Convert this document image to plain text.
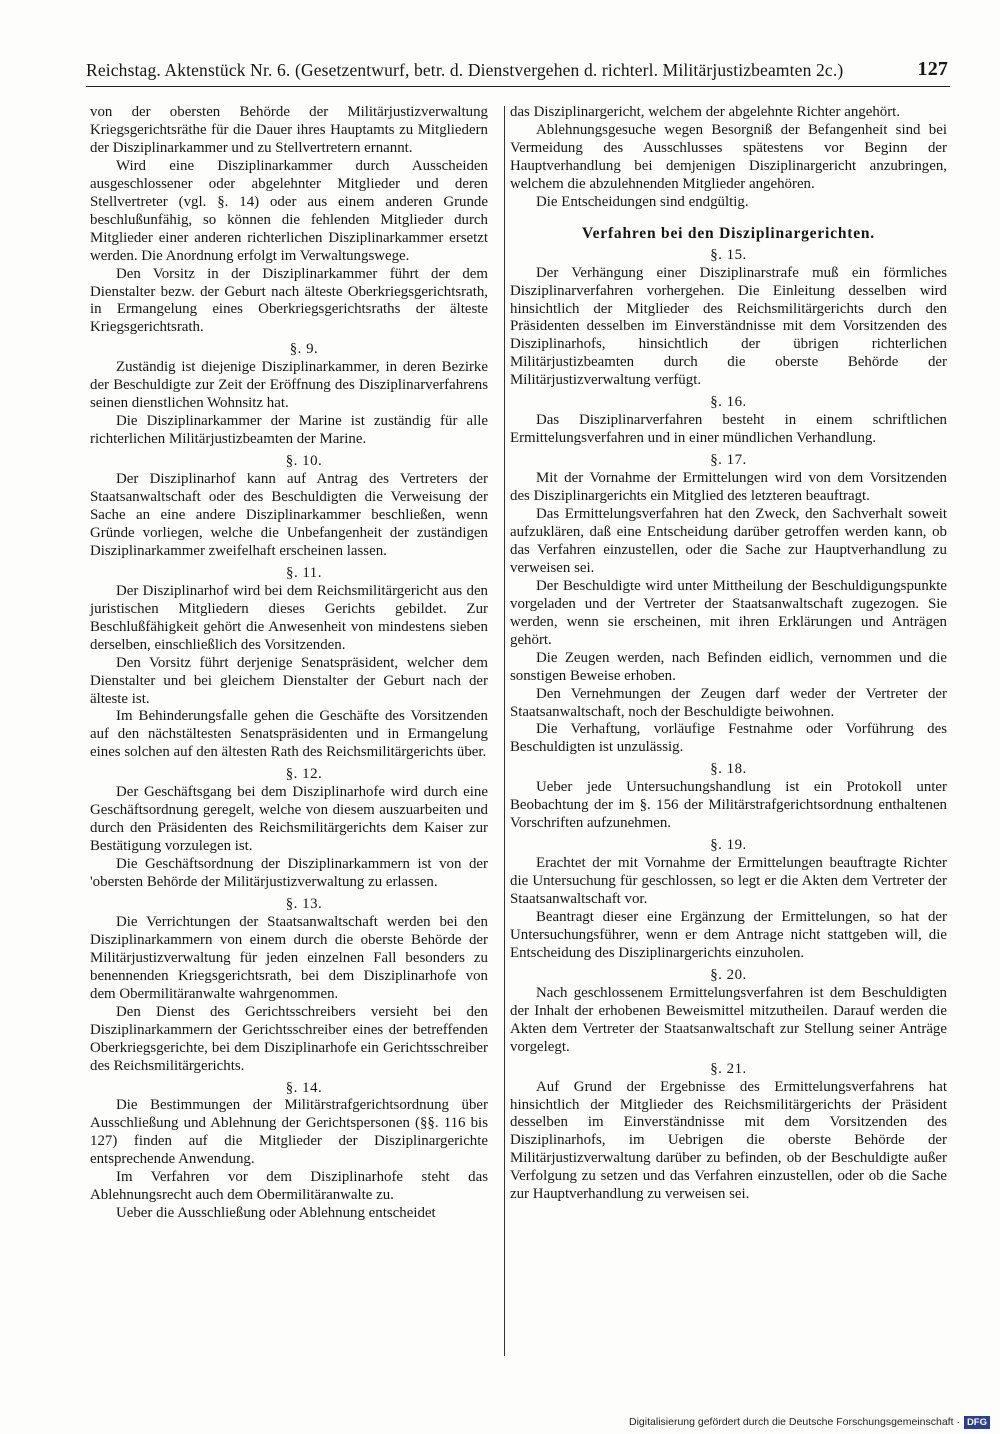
Reichstag. Aktenstück Nr. 6. (Gesetzentwurf, betr. d. Dienstvergehen d. richterl. Militärjustizbeamten 2c.)	127

von der obersten Behörde der Militärjustizverwaltung Kriegsgerichtsräthe für die Dauer ihres Hauptamts zu Mitgliedern der Disziplinarkammer und zu Stellvertretern ernannt.

Wird eine Disziplinarkammer durch Ausscheiden ausgeschlossener oder abgelehnter Mitglieder und deren Stellvertreter (vgl. §. 14) oder aus einem anderen Grunde beschlußunfähig, so können die fehlenden Mitglieder durch Mitglieder einer anderen richterlichen Disziplinarkammer ersetzt werden. Die Anordnung erfolgt im Verwaltungswege.

Den Vorsitz in der Disziplinarkammer führt der dem Dienstalter bezw. der Geburt nach älteste Oberkriegsgerichtsrath, in Ermangelung eines Oberkriegsgerichtsraths der älteste Kriegsgerichtsrath.

§. 9.

Zuständig ist diejenige Disziplinarkammer, in deren Bezirke der Beschuldigte zur Zeit der Eröffnung des Disziplinarverfahrens seinen dienstlichen Wohnsitz hat.

Die Disziplinarkammer der Marine ist zuständig für alle richterlichen Militärjustizbeamten der Marine.

§. 10.

Der Disziplinarhof kann auf Antrag des Vertreters der Staatsanwaltschaft oder des Beschuldigten die Verweisung der Sache an eine andere Disziplinarkammer beschließen, wenn Gründe vorliegen, welche die Unbefangenheit der zuständigen Disziplinarkammer zweifelhaft erscheinen lassen.

§. 11.

Der Disziplinarhof wird bei dem Reichsmilitärgericht aus den juristischen Mitgliedern dieses Gerichts gebildet. Zur Beschlußfähigkeit gehört die Anwesenheit von mindestens sieben derselben, einschließlich des Vorsitzenden.

Den Vorsitz führt derjenige Senatspräsident, welcher dem Dienstalter und bei gleichem Dienstalter der Geburt nach der älteste ist.

Im Behinderungsfalle gehen die Geschäfte des Vorsitzenden auf den nächstältesten Senatspräsidenten und in Ermangelung eines solchen auf den ältesten Rath des Reichsmilitärgerichts über.

§. 12.

Der Geschäftsgang bei dem Disziplinarhofe wird durch eine Geschäftsordnung geregelt, welche von diesem auszuarbeiten und durch den Präsidenten des Reichsmilitärgerichts dem Kaiser zur Bestätigung vorzulegen ist.

Die Geschäftsordnung der Disziplinarkammern ist von der 'obersten Behörde der Militärjustizverwaltung zu erlassen.

§. 13.

Die Verrichtungen der Staatsanwaltschaft werden bei den Disziplinarkammern von einem durch die oberste Behörde der Militärjustizverwaltung für jeden einzelnen Fall besonders zu benennenden Kriegsgerichtsrath, bei dem Disziplinarhofe von dem Obermilitäranwalte wahrgenommen.

Den Dienst des Gerichtsschreibers versieht bei den Disziplinarkammern der Gerichtsschreiber eines der betreffenden Oberkriegsgerichte, bei dem Disziplinarhofe ein Gerichtsschreiber des Reichsmilitärgerichts.

§. 14.

Die Bestimmungen der Militärstrafgerichtsordnung über Ausschließung und Ablehnung der Gerichtspersonen (§§. 116 bis 127) finden auf die Mitglieder der Disziplinargerichte entsprechende Anwendung.

Im Verfahren vor dem Disziplinarhofe steht das Ablehnungsrecht auch dem Obermilitäranwalte zu.

Ueber die Ausschließung oder Ablehnung entscheidet

das Disziplinargericht, welchem der abgelehnte Richter angehört.

Ablehnungsgesuche wegen Besorgniß der Befangenheit sind bei Vermeidung des Ausschlusses spätestens vor Beginn der Hauptverhandlung bei demjenigen Disziplinargericht anzubringen, welchem die abzulehnenden Mitglieder angehören.

Die Entscheidungen sind endgültig.

Verfahren bei den Disziplinargerichten.
§. 15.

Der Verhängung einer Disziplinarstrafe muß ein förmliches Disziplinarverfahren vorhergehen. Die Einleitung desselben wird hinsichtlich der Mitglieder des Reichsmilitärgerichts durch den Präsidenten desselben im Einverständnisse mit dem Vorsitzenden des Disziplinarhofs, hinsichtlich der übrigen richterlichen Militärjustizbeamten durch die oberste Behörde der Militärjustizverwaltung verfügt.

§. 16.

Das Disziplinarverfahren besteht in einem schriftlichen Ermittelungsverfahren und in einer mündlichen Verhandlung.

§. 17.

Mit der Vornahme der Ermittelungen wird von dem Vorsitzenden des Disziplinargerichts ein Mitglied des letzteren beauftragt.

Das Ermittelungsverfahren hat den Zweck, den Sachverhalt soweit aufzuklären, daß eine Entscheidung darüber getroffen werden kann, ob das Verfahren einzustellen, oder die Sache zur Hauptverhandlung zu verweisen sei.

Der Beschuldigte wird unter Mittheilung der Beschuldigungspunkte vorgeladen und der Vertreter der Staatsanwaltschaft zugezogen. Sie werden, wenn sie erscheinen, mit ihren Erklärungen und Anträgen gehört.

Die Zeugen werden, nach Befinden eidlich, vernommen und die sonstigen Beweise erhoben.

Den Vernehmungen der Zeugen darf weder der Vertreter der Staatsanwaltschaft, noch der Beschuldigte beiwohnen.

Die Verhaftung, vorläufige Festnahme oder Vorführung des Beschuldigten ist unzulässig.

§. 18.

Ueber jede Untersuchungshandlung ist ein Protokoll unter Beobachtung der im §. 156 der Militärstrafgerichtsordnung enthaltenen Vorschriften aufzunehmen.

§. 19.

Erachtet der mit Vornahme der Ermittelungen beauftragte Richter die Untersuchung für geschlossen, so legt er die Akten dem Vertreter der Staatsanwaltschaft vor.

Beantragt dieser eine Ergänzung der Ermittelungen, so hat der Untersuchungsführer, wenn er dem Antrage nicht stattgeben will, die Entscheidung des Disziplinargerichts einzuholen.

§. 20.

Nach geschlossenem Ermittelungsverfahren ist dem Beschuldigten der Inhalt der erhobenen Beweismittel mitzutheilen. Darauf werden die Akten dem Vertreter der Staatsanwaltschaft zur Stellung seiner Anträge vorgelegt.

§. 21.

Auf Grund der Ergebnisse des Ermittelungsverfahrens hat hinsichtlich der Mitglieder des Reichsmilitärgerichts der Präsident desselben im Einverständnisse mit dem Vorsitzenden des Disziplinarhofs, im Uebrigen die oberste Behörde der Militärjustizverwaltung darüber zu befinden, ob der Beschuldigte außer Verfolgung zu setzen und das Verfahren einzustellen, oder ob die Sache zur Hauptverhandlung zu verweisen sei.

Digitalisierung gefördert durch die Deutsche Forschungsgemeinschaft · DFG
